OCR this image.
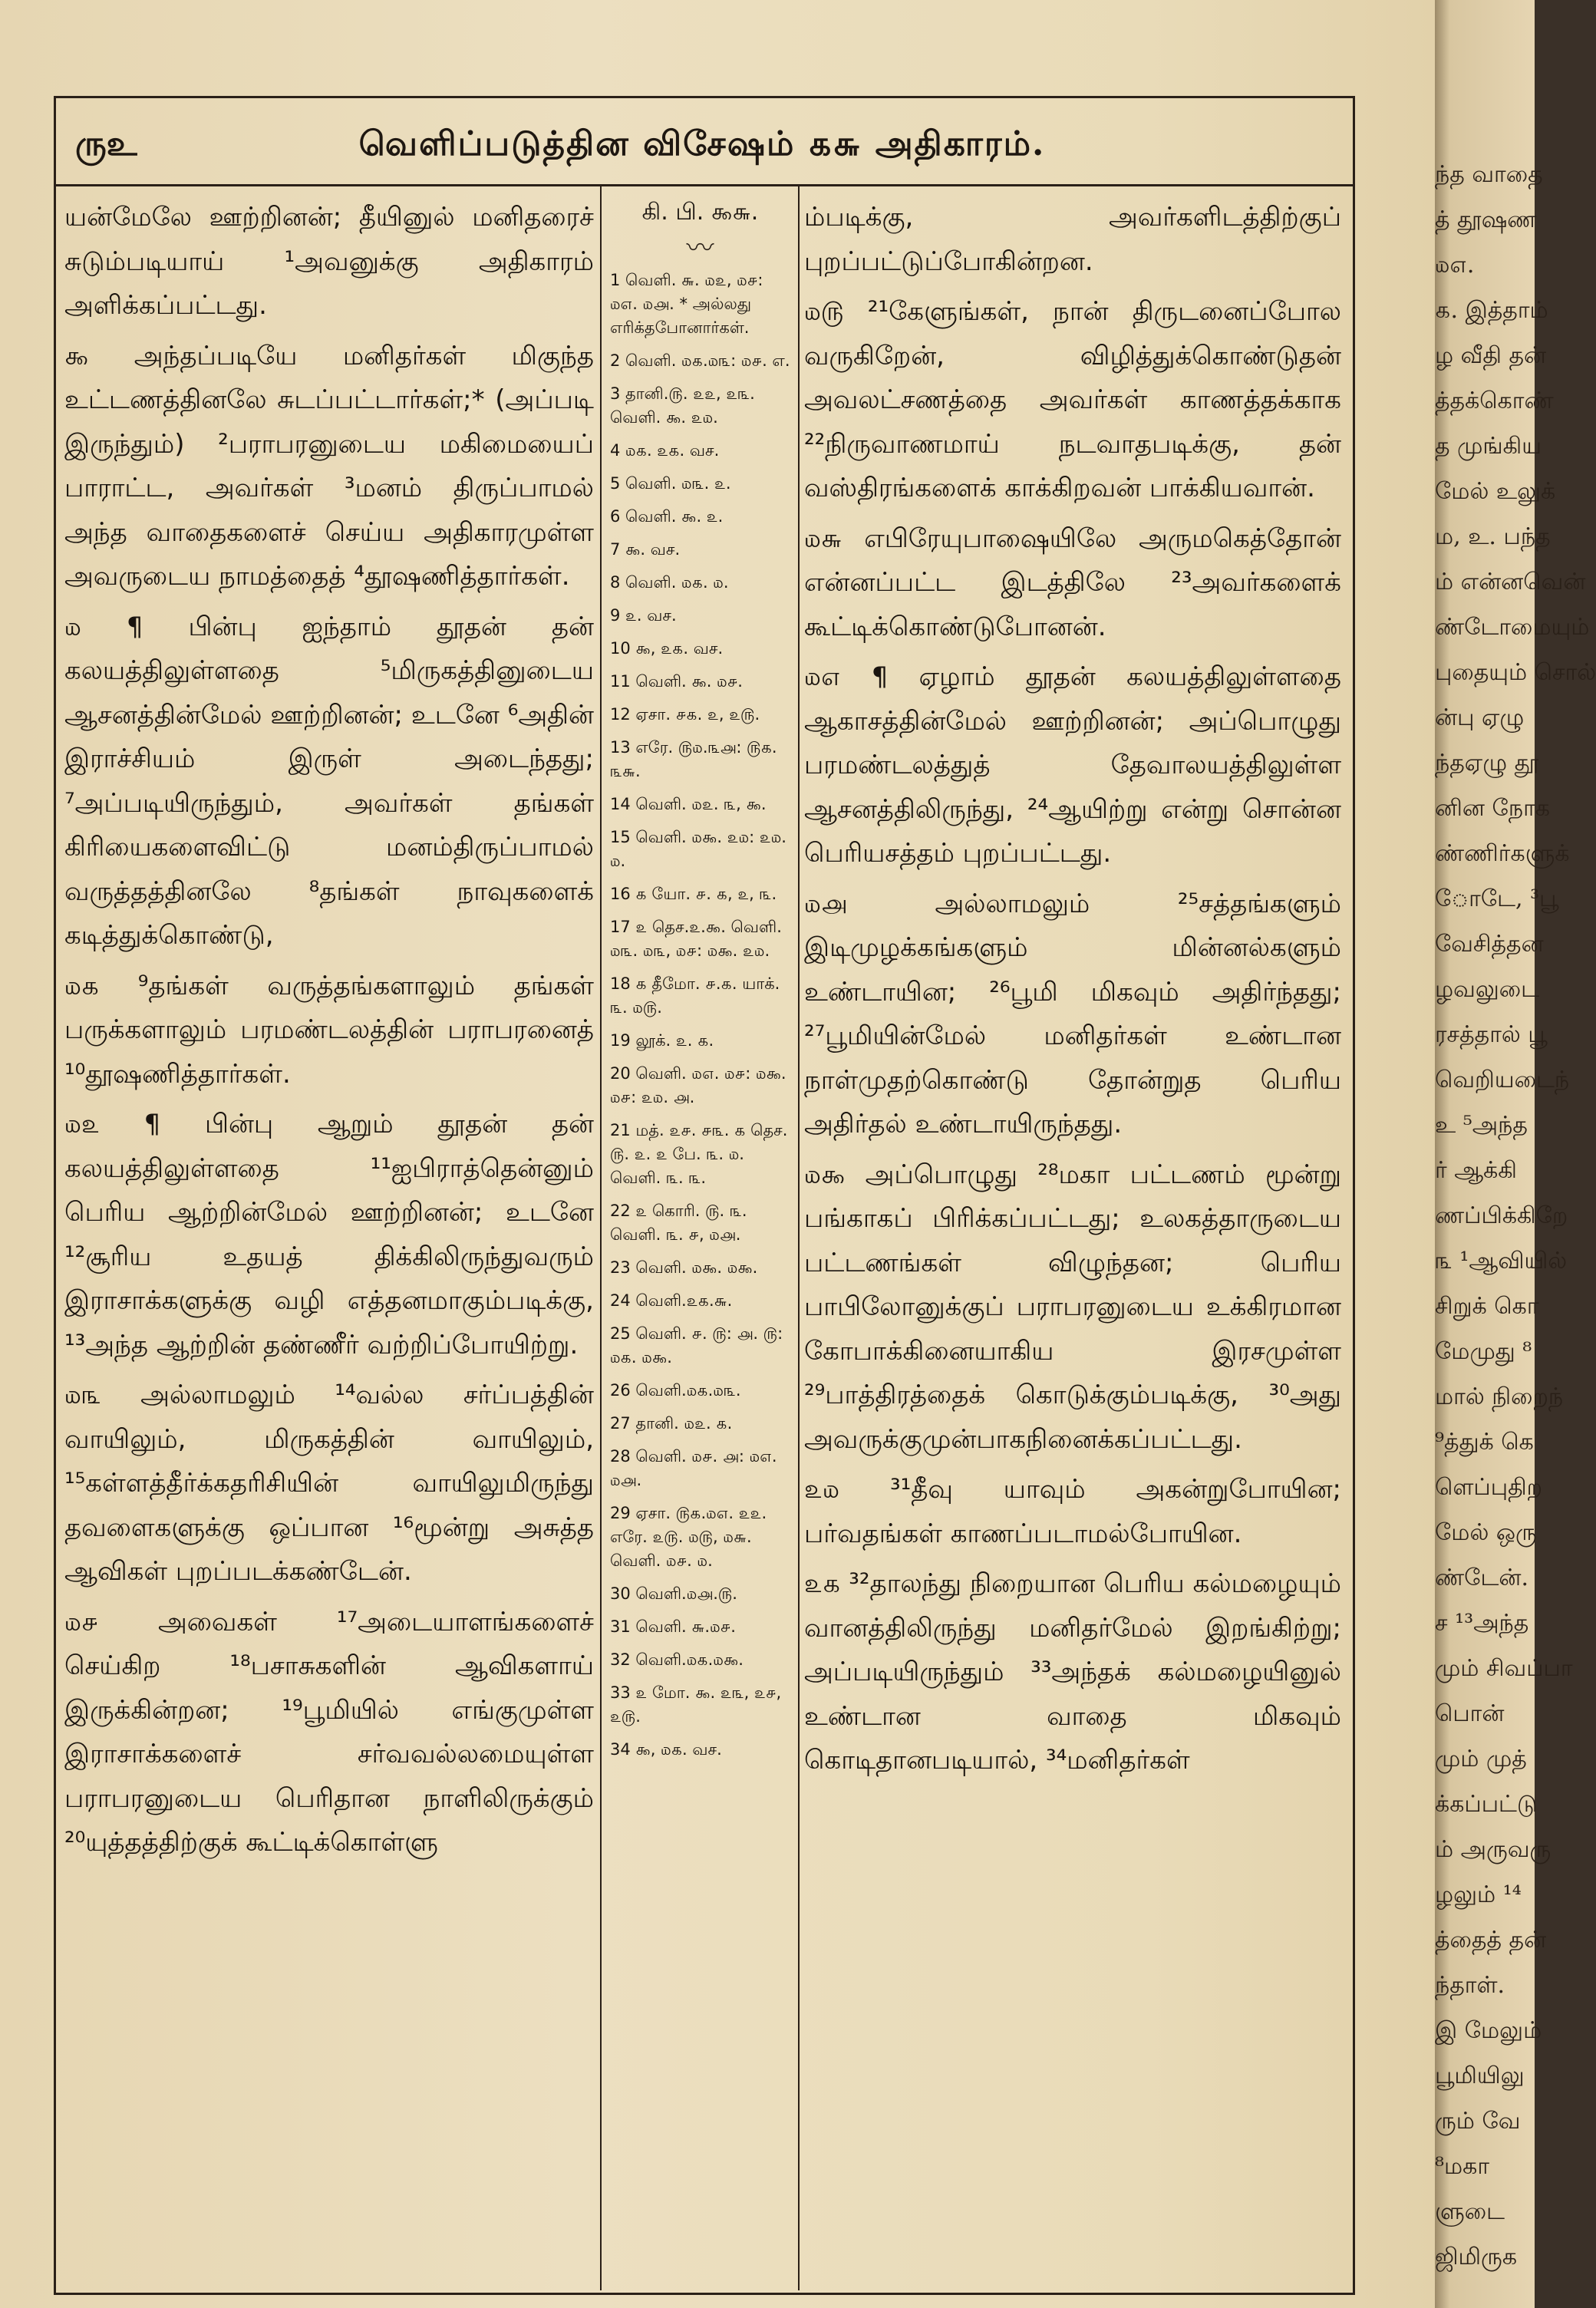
ருஉ	வெளிப்படுத்தின விசேஷம் ௧௬ அதிகாரம்.

யன்மேலே ஊற்றினன்; தீயினுல் மனிதரைச் சுடும்படியாய் ¹அவனுக்கு அதிகாரம் அளிக்கப்பட்டது.

௯ அந்தப்படியே மனிதர்கள் மிகுந்த உட்டணத்தினலே சுடப்பட்டார்கள்;* (அப்படி இருந்தும்) ²பராபரனுடைய மகிமையைப் பாராட்ட, அவர்கள் ³மனம் திருப்பாமல் அந்த வாதைகளைச் செய்ய அதிகாரமுள்ள அவருடைய நாமத்தைத் ⁴தூஷணித்தார்கள்.

௰ ¶ பின்பு ஐந்தாம் தூதன் தன் கலயத்திலுள்ளதை ⁵மிருகத்தினுடைய ஆசனத்தின்மேல் ஊற்றினன்; உடனே ⁶அதின் இராச்சியம் இருள் அடைந்தது; ⁷அப்படியிருந்தும், அவர்கள் தங்கள் கிரியைகளைவிட்டு மனம்திருப்பாமல் வருத்தத்தினலே ⁸தங்கள் நாவுகளைக் கடித்துக்கொண்டு,

௰௧ ⁹தங்கள் வருத்தங்களாலும் தங்கள் பருக்களாலும் பரமண்டலத்தின் பராபரனைத் ¹⁰தூஷணித்தார்கள்.

௰௨ ¶ பின்பு ஆறும் தூதன் தன் கலயத்திலுள்ளதை ¹¹ஐபிராத்தென்னும் பெரிய ஆற்றின்மேல் ஊற்றினன்; உடனே ¹²சூரிய உதயத் திக்கிலிருந்துவரும் இராசாக்களுக்கு வழி எத்தனமாகும்படிக்கு, ¹³அந்த ஆற்றின் தண்ணீர் வற்றிப்போயிற்று.

௰௩ அல்லாமலும் ¹⁴வல்ல சர்ப்பத்தின் வாயிலும், மிருகத்தின் வாயிலும், ¹⁵கள்ளத்தீர்க்கதரிசியின் வாயிலுமிருந்து தவளைகளுக்கு ஒப்பான ¹⁶மூன்று அசுத்த ஆவிகள் புறப்படக்கண்டேன்.

௰௪ அவைகள் ¹⁷அடையாளங்களைச் செய்கிற ¹⁸பசாசுகளின் ஆவிகளாய் இருக்கின்றன; ¹⁹பூமியில் எங்குமுள்ள இராசாக்களைச் சர்வவல்லமையுள்ள பராபரனுடைய பெரிதான நாளிலிருக்கும் ²⁰யுத்தத்திற்குக் கூட்டிக்கொள்ளு

கி. பி. ௯௬.
〰

1 வெளி. ௬. ௰௨, ௰௪: ௰௭. ௰௮. * அல்லது எரிக்தபோனார்கள்.

2 வெளி. ௰௧.௰௩: ௰௪. எ.

3 தானி.௫. ௨௨, ௨௩. வெளி. ௯. ௨௰.

4 ௰௧. ௨௧. வச.

5 வெளி. ௰௩. ௨.

6 வெளி. ௯. ௨.

7 ௯. வச.

8 வெளி. ௰௧. ௰.

9 ௨. வச.

10 ௯, ௨௧. வச.

11 வெளி. ௯. ௰௪.

12 ஏசா. ௪௧. ௨, ௨௫.

13 எரே. ௫௰.௩௮: ௫௧. ௩௬.

14 வெளி. ௰௨. ௩, ௯.

15 வெளி. ௰௯. ௨௰: ௨௰. ௰.

16 ௧ யோ. ௪. ௧, ௨, ௩.

17 ௨ தெச.௨.௯. வெளி. ௰௩. ௰௩, ௰௪: ௰௯. ௨௰.

18 ௧ தீமோ. ௪.௧. யாக். ௩. ௰௫.

19 லூக். ௨. ௧.

20 வெளி. ௰௭. ௰௪: ௰௯. ௰௪: ௨௰. ௮.

21 மத். ௨௪. ௪௩. ௧ தெச. ௫. ௨. ௨ பே. ௩. ௰. வெளி. ௩. ௩.

22 ௨ கொரி. ௫. ௩. வெளி. ௩. ௪, ௰௮.

23 வெளி. ௰௯. ௰௯.

24 வெளி.௨௧.௬.

25 வெளி. ௪. ௫: ௮. ௫: ௰௧. ௰௯.

26 வெளி.௰௧.௰௩.

27 தானி. ௰௨. ௧.

28 வெளி. ௰௪. ௮: ௰௭. ௰௮.

29 ஏசா. ௫௧.௰௭. ௨௨. எரே. ௨௫. ௰௫, ௰௬. வெளி. ௰௪. ௰.

30 வெளி.௰௮.௫.

31 வெளி. ௬.௰௪.

32 வெளி.௰௧.௰௯.

33 ௨ மோ. ௯. ௨௩, ௨௪, ௨௫.

34 ௯, ௰௧. வச.

ம்படிக்கு, அவர்களிடத்திற்குப் புறப்பட்டுப்போகின்றன.

௰௫ ²¹கேளுங்கள், நான் திருடனைப்போல வருகிறேன், விழித்துக்கொண்டுதன் அவலட்சணத்தை அவர்கள் காணத்தக்காக ²²நிருவாணமாய் நடவாதபடிக்கு, தன் வஸ்திரங்களைக் காக்கிறவன் பாக்கியவான்.

௰௬ எபிரேயுபாஷையிலே அருமகெத்தோன் என்னப்பட்ட இடத்திலே ²³அவர்களைக் கூட்டிக்கொண்டுபோனன்.

௰௭ ¶ ஏழாம் தூதன் கலயத்திலுள்ளதை ஆகாசத்தின்மேல் ஊற்றினன்; அப்பொழுது பரமண்டலத்துத் தேவாலயத்திலுள்ள ஆசனத்திலிருந்து, ²⁴ஆயிற்று என்று சொன்ன பெரியசத்தம் புறப்பட்டது.

௰௮ அல்லாமலும் ²⁵சத்தங்களும் இடிமுழக்கங்களும் மின்னல்களும் உண்டாயின; ²⁶பூமி மிகவும் அதிர்ந்தது; ²⁷பூமியின்மேல் மனிதர்கள் உண்டான நாள்முதற்கொண்டு தோன்றுத பெரிய அதிர்தல் உண்டாயிருந்தது.

௰௯ அப்பொழுது ²⁸மகா பட்டணம் மூன்று பங்காகப் பிரிக்கப்பட்டது; உலகத்தாருடைய பட்டணங்கள் விழுந்தன; பெரிய பாபிலோனுக்குப் பராபரனுடைய உக்கிரமான கோபாக்கினையாகிய இரசமுள்ள ²⁹பாத்திரத்தைக் கொடுக்கும்படிக்கு, ³⁰அது அவருக்குமுன்பாகநினைக்கப்பட்டது.

௨௰ ³¹தீவு யாவும் அகன்றுபோயின; பர்வதங்கள் காணப்படாமல்போயின.

௨௧ ³²தாலந்து நிறையான பெரிய கல்மழையும் வானத்திலிருந்து மனிதர்மேல் இறங்கிற்று; அப்படியிருந்தும் ³³அந்தக் கல்மழையினுல் உண்டான வாதை மிகவும் கொடிதானபடியால், ³⁴மனிதர்கள்

ந்த வாதை
த் தூஷண
௰௭.
௧. இத்தாம்
ழ வீதி தன்
த்தக்கொண்
த முங்கிய
மேல் உலுக்
ம, உ. பந்த
ம் என்னவென்
ண்டோமையும்
புதையும் சொல்
ன்பு ஏழு
ந்தஏழு தூ
னின நோக
ண்ணிர்களுக்
ோடே, ³பூ
வேசித்தன
ழவலுடை
ரசத்தால் பூ
வெறியடைந்
உ ⁵அந்த
ர் ஆக்கி
ணப்பிக்கிறே
௩ ¹ஆவியில்
சிறுக் கொ
மேமுது ⁸
மால் நிறைந்
⁹த்துக் கெ
ளெப்புதிற
மேல் ஒரு
ண்டேன்.
ச ¹³அந்த
மும் சிவப்பா
பொன்
மும் முத்
க்கப்பட்டு
ம் அருவரு
ழலும் ¹⁴
த்தைத் தன்
ந்தாள்.
இ மேலும்
பூமியிலு
ரும் வே
⁸மகா
ளுடை
ஜிமிருக
